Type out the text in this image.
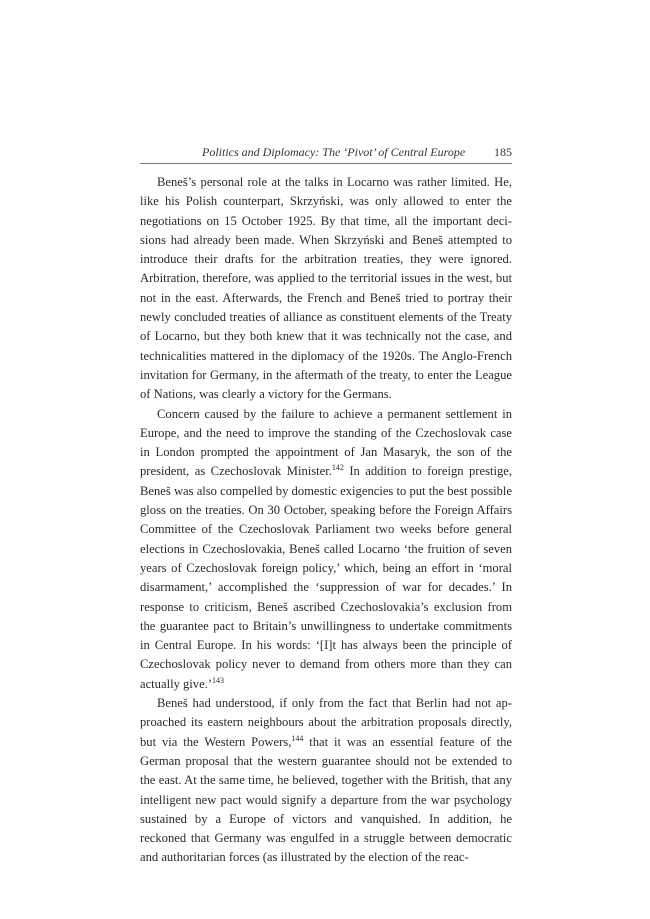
Politics and Diplomacy: The ‘Pivot’ of Central Europe 185

Beneš’s personal role at the talks in Locarno was rather limited. He, like his Polish counterpart, Skrzyński, was only allowed to enter the negotiations on 15 October 1925. By that time, all the important decisions had already been made. When Skrzyński and Beneš attempted to introduce their drafts for the arbitration treaties, they were ignored. Arbitration, therefore, was applied to the territorial issues in the west, but not in the east. Afterwards, the French and Beneš tried to portray their newly concluded treaties of alliance as constituent elements of the Treaty of Locarno, but they both knew that it was technically not the case, and technicalities mattered in the diplomacy of the 1920s. The Anglo-French invitation for Germany, in the aftermath of the treaty, to enter the League of Nations, was clearly a victory for the Germans.

Concern caused by the failure to achieve a permanent settlement in Europe, and the need to improve the standing of the Czechoslovak case in London prompted the appointment of Jan Masaryk, the son of the president, as Czechoslovak Minister.$^{142}$ In addition to foreign prestige, Beneš was also compelled by domestic exigencies to put the best possible gloss on the treaties. On 30 October, speaking before the Foreign Affairs Committee of the Czechoslovak Parliament two weeks before general elections in Czechoslovakia, Beneš called Locarno ‘the fruition of seven years of Czechoslovak foreign policy,’ which, being an effort in ‘moral disarmament,’ accomplished the ‘suppression of war for decades.’ In response to criticism, Beneš ascribed Czechoslovakia’s exclusion from the guarantee pact to Britain’s unwillingness to undertake commitments in Central Europe. In his words: ‘[I]t has always been the principle of Czechoslovak policy never to demand from others more than they can actually give.’$^{143}$

Beneš had understood, if only from the fact that Berlin had not approached its eastern neighbours about the arbitration proposals directly, but via the Western Powers,$^{144}$ that it was an essential feature of the German proposal that the western guarantee should not be extended to the east. At the same time, he believed, together with the British, that any intelligent new pact would signify a departure from the war psychology sustained by a Europe of victors and vanquished. In addition, he reckoned that Germany was engulfed in a struggle between democratic and authoritarian forces (as illustrated by the election of the reac-
